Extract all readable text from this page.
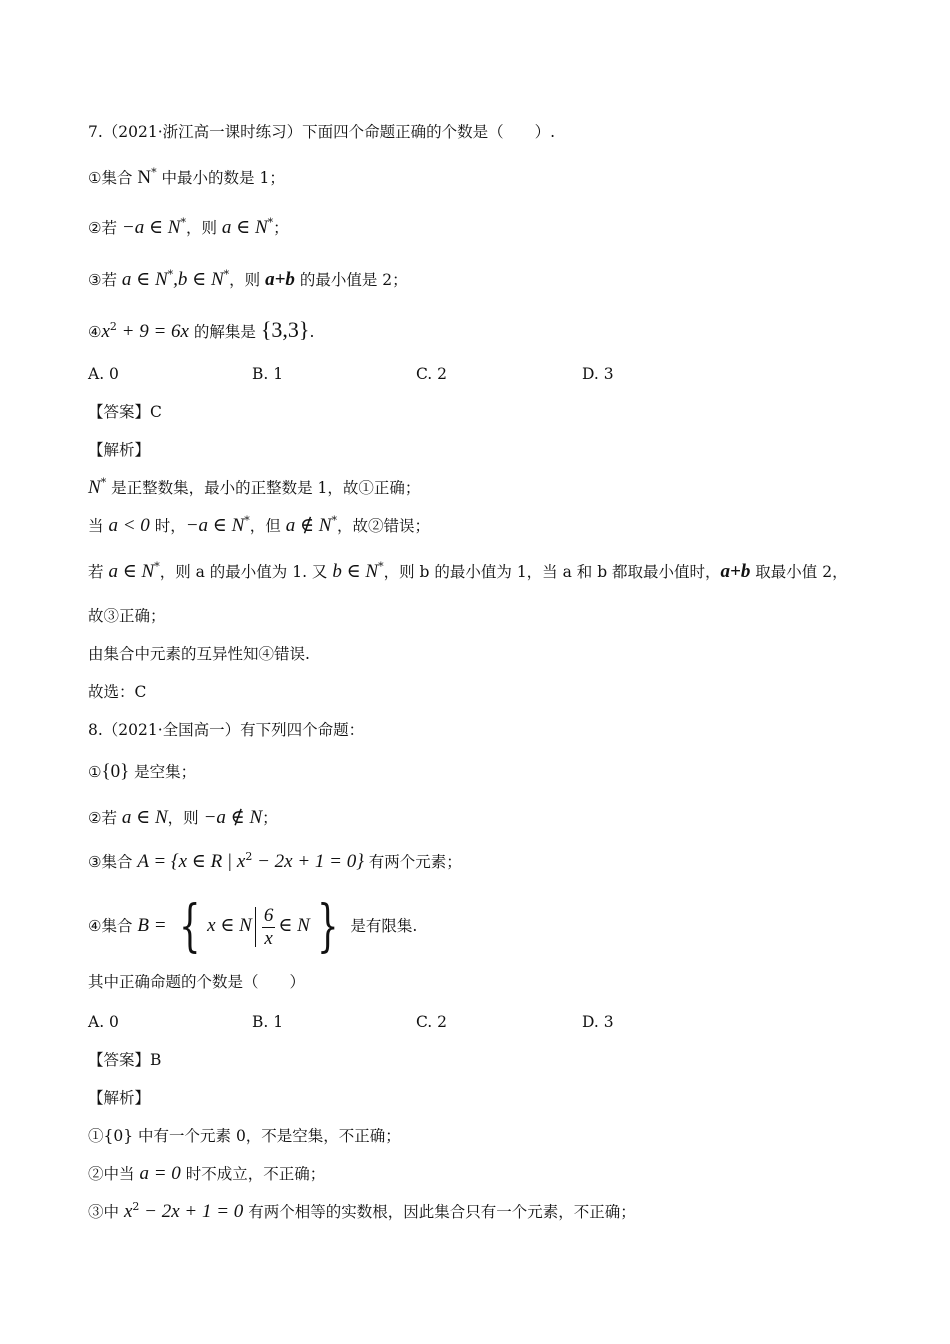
7.（2021·浙江高一课时练习）下面四个命题正确的个数是（　　）.
①集合 N* 中最小的数是 1；
②若 −a ∈ N*，则 a ∈ N*；
③若 a ∈ N*,b ∈ N*，则 a+b 的最小值是 2；
$④x^2 + 9 = 6x$ 的解集是 {3,3}.
A. 0	B. 1	C. 2	D. 3
【答案】C
【解析】
N* 是正整数集，最小的正整数是 1，故①正确；
当 a < 0 时，−a ∈ N*，但 a ∉ N*，故②错误；
若 a ∈ N*，则 a 的最小值为 1. 又 b ∈ N*，则 b 的最小值为 1，当 a 和 b 都取最小值时，a+b 取最小值 2，
故③正确；
由集合中元素的互异性知④错误.
故选：C
8.（2021·全国高一）有下列四个命题：
①{0} 是空集；
②若 a ∈ N，则 −a ∉ N；
③集合 A = {x ∈ R | $x^2 - 2x + 1 = 0$} 有两个元素；
④集合 B = { x ∈ N $\frac{6}{x}$ ∈ N } 是有限集.
其中正确命题的个数是（　　）
A. 0	B. 1	C. 2	D. 3
【答案】B
【解析】
①{0} 中有一个元素 0，不是空集，不正确；
②中当 a = 0 时不成立，不正确；
③中 $x^2 - 2x + 1 = 0$ 有两个相等的实数根，因此集合只有一个元素，不正确；
